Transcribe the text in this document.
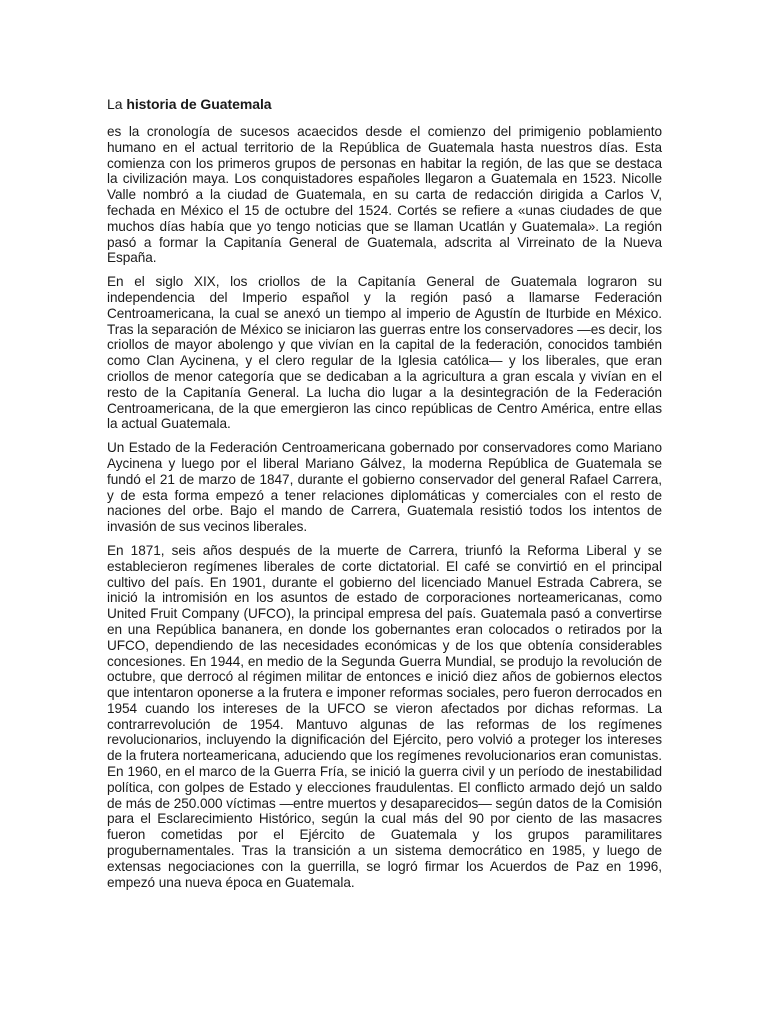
La historia de Guatemala

es la cronología de sucesos acaecidos desde el comienzo del primigenio poblamiento humano en el actual territorio de la República de Guatemala hasta nuestros días. Esta comienza con los primeros grupos de personas en habitar la región, de las que se destaca la civilización maya. Los conquistadores españoles llegaron a Guatemala en 1523. Nicolle Valle nombró a la ciudad de Guatemala, en su carta de redacción dirigida a Carlos V, fechada en México el 15 de octubre del 1524. Cortés se refiere a «unas ciudades de que muchos días había que yo tengo noticias que se llaman Ucatlán y Guatemala». La región pasó a formar la Capitanía General de Guatemala, adscrita al Virreinato de la Nueva España.

En el siglo XIX, los criollos de la Capitanía General de Guatemala lograron su independencia del Imperio español y la región pasó a llamarse Federación Centroamericana, la cual se anexó un tiempo al imperio de Agustín de Iturbide en México. Tras la separación de México se iniciaron las guerras entre los conservadores —es decir, los criollos de mayor abolengo y que vivían en la capital de la federación, conocidos también como Clan Aycinena, y el clero regular de la Iglesia católica— y los liberales, que eran criollos de menor categoría que se dedicaban a la agricultura a gran escala y vivían en el resto de la Capitanía General. La lucha dio lugar a la desintegración de la Federación Centroamericana, de la que emergieron las cinco repúblicas de Centro América, entre ellas la actual Guatemala.

Un Estado de la Federación Centroamericana gobernado por conservadores como Mariano Aycinena y luego por el liberal Mariano Gálvez, la moderna República de Guatemala se fundó el 21 de marzo de 1847, durante el gobierno conservador del general Rafael Carrera, y de esta forma empezó a tener relaciones diplomáticas y comerciales con el resto de naciones del orbe. Bajo el mando de Carrera, Guatemala resistió todos los intentos de invasión de sus vecinos liberales.

En 1871, seis años después de la muerte de Carrera, triunfó la Reforma Liberal y se establecieron regímenes liberales de corte dictatorial. El café se convirtió en el principal cultivo del país. En 1901, durante el gobierno del licenciado Manuel Estrada Cabrera, se inició la intromisión en los asuntos de estado de corporaciones norteamericanas, como United Fruit Company (UFCO), la principal empresa del país. Guatemala pasó a convertirse en una República bananera, en donde los gobernantes eran colocados o retirados por la UFCO, dependiendo de las necesidades económicas y de los que obtenía considerables concesiones. En 1944, en medio de la Segunda Guerra Mundial, se produjo la revolución de octubre, que derrocó al régimen militar de entonces e inició diez años de gobiernos electos que intentaron oponerse a la frutera e imponer reformas sociales, pero fueron derrocados en 1954 cuando los intereses de la UFCO se vieron afectados por dichas reformas. La contrarrevolución de 1954. Mantuvo algunas de las reformas de los regímenes revolucionarios, incluyendo la dignificación del Ejército, pero volvió a proteger los intereses de la frutera norteamericana, aduciendo que los regímenes revolucionarios eran comunistas. En 1960, en el marco de la Guerra Fría, se inició la guerra civil y un período de inestabilidad política, con golpes de Estado y elecciones fraudulentas. El conflicto armado dejó un saldo de más de 250.000 víctimas —entre muertos y desaparecidos— según datos de la Comisión para el Esclarecimiento Histórico, según la cual más del 90 por ciento de las masacres fueron cometidas por el Ejército de Guatemala y los grupos paramilitares progubernamentales. Tras la transición a un sistema democrático en 1985, y luego de extensas negociaciones con la guerrilla, se logró firmar los Acuerdos de Paz en 1996, empezó una nueva época en Guatemala.
